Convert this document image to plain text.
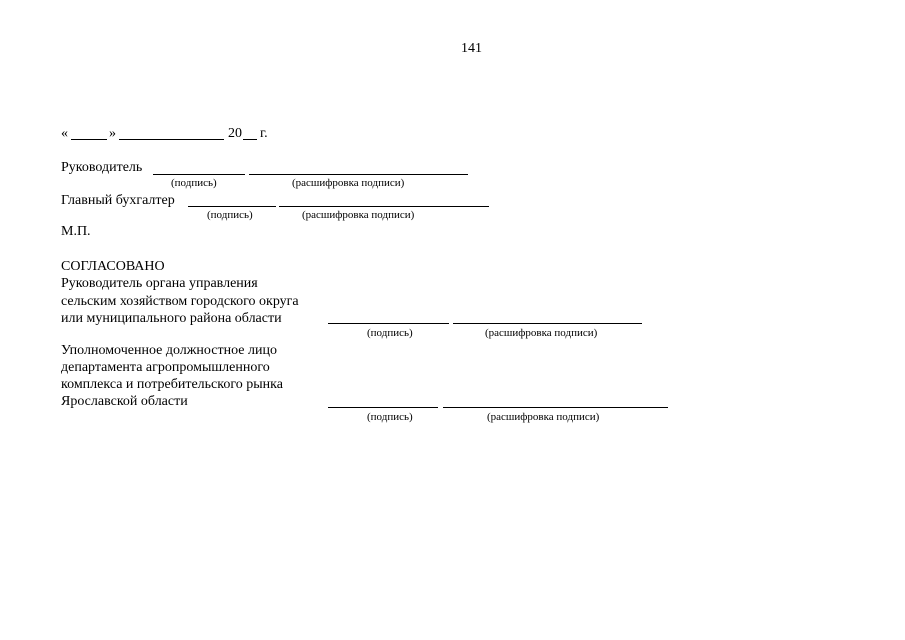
141
«	»	20 г.
Руководитель
(подпись)	(расшифровка подписи)
Главный бухгалтер
(подпись)	(расшифровка подписи)
М.П.
СОГЛАСОВАНО
Руководитель органа управления
сельским хозяйством городского округа
или муниципального района области
(подпись)	(расшифровка подписи)
Уполномоченное должностное лицо
департамента агропромышленного
комплекса и потребительского рынка
Ярославской области
(подпись)	(расшифровка подписи)
